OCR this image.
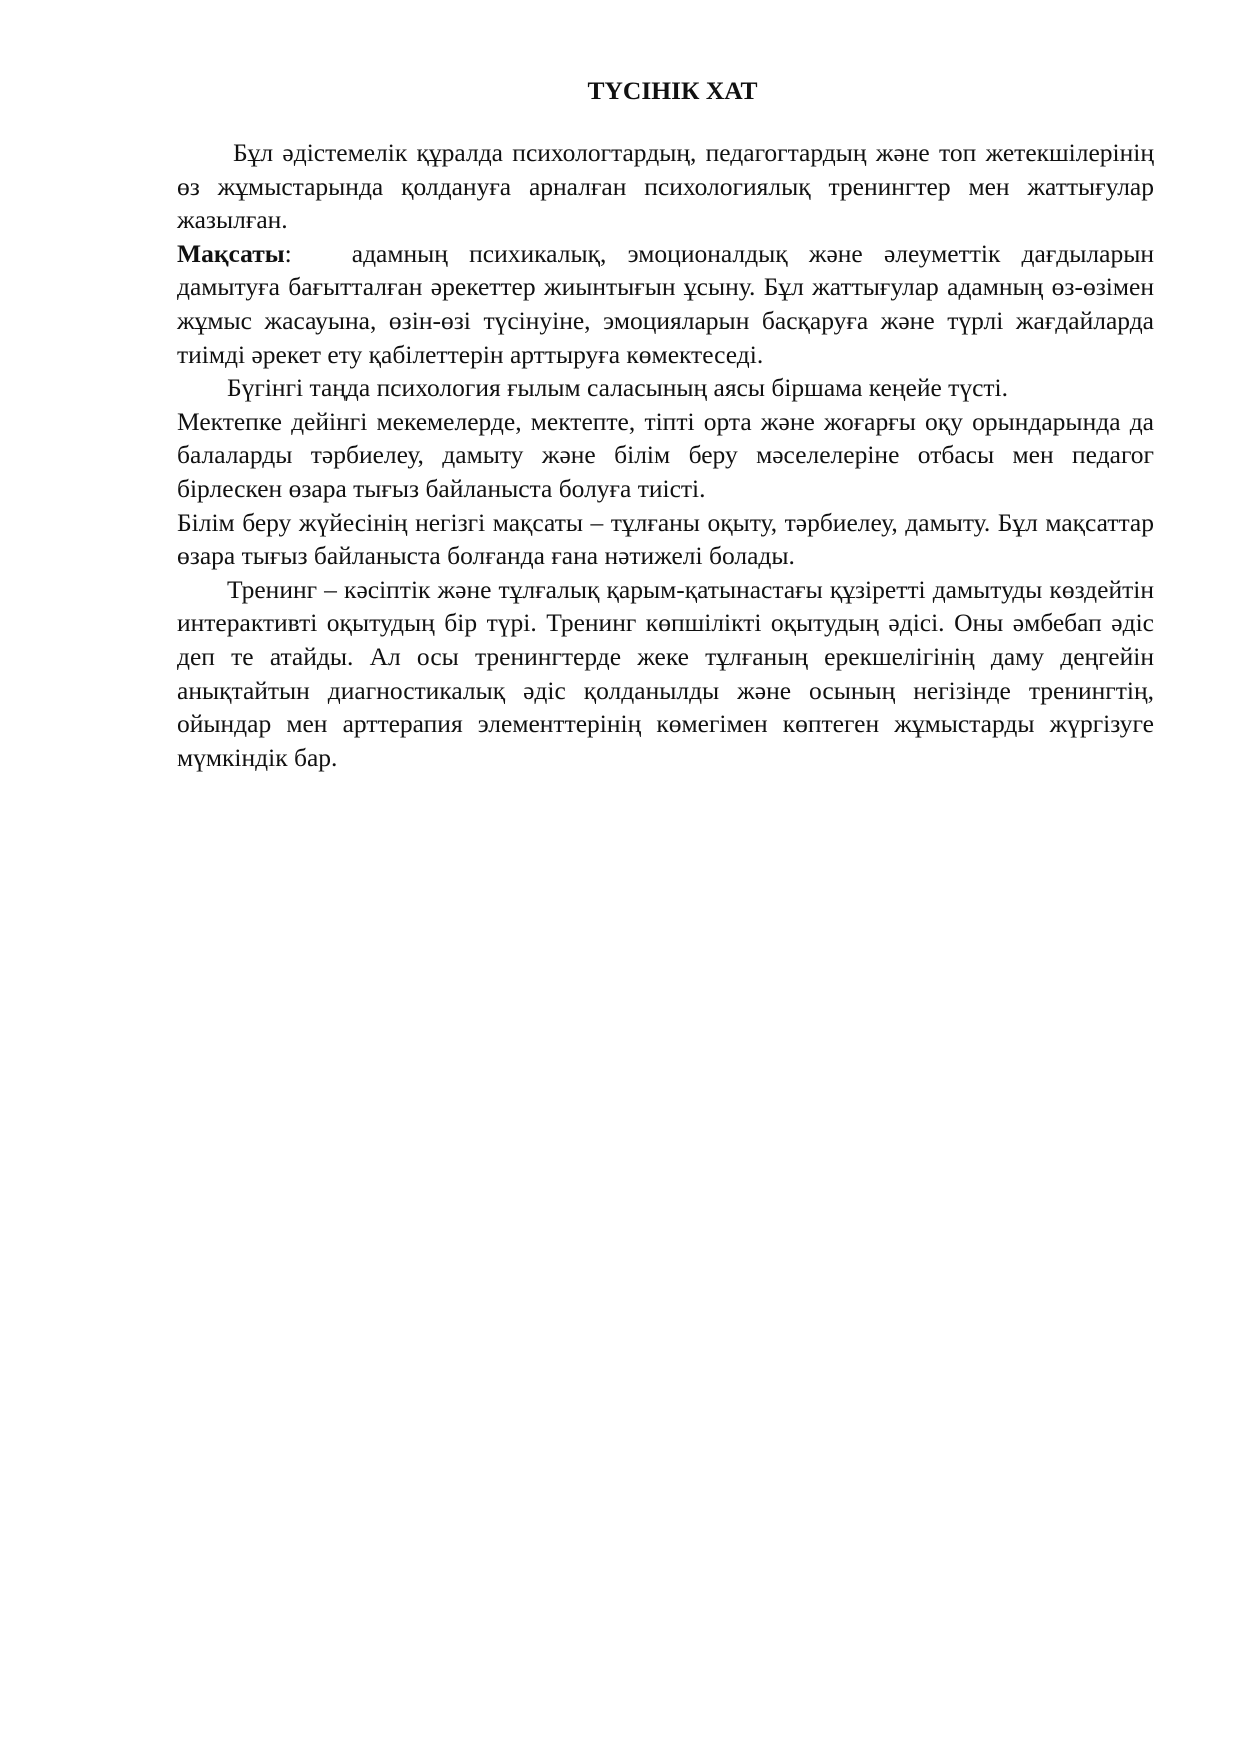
ТҮСІНІК ХАТ

Бұл әдістемелік құралда психологтардың, педагогтардың және топ жетекшілерінің өз жұмыстарында қолдануға арналған психологиялық тренингтер мен жаттығулар жазылған.

Мақсаты: адамның психикалық, эмоционалдық және әлеуметтік дағдыларын дамытуға бағытталған әрекеттер жиынтығын ұсыну. Бұл жаттығулар адамның өз-өзімен жұмыс жасауына, өзін-өзі түсінуіне, эмоцияларын басқаруға және түрлі жағдайларда тиімді әрекет ету қабілеттерін арттыруға көмектеседі.

Бүгінгі таңда психология ғылым саласының аясы біршама кеңейе түсті.

Мектепке дейінгі мекемелерде, мектепте, тіпті орта және жоғарғы оқу орындарында да балаларды тәрбиелеу, дамыту және білім беру мәселелеріне отбасы мен педагог бірлескен өзара тығыз байланыста болуға тиісті.

Білім беру жүйесінің негізгі мақсаты – тұлғаны оқыту, тәрбиелеу, дамыту. Бұл мақсаттар өзара тығыз байланыста болғанда ғана нәтижелі болады.

Тренинг – кәсіптік және тұлғалық қарым-қатынастағы құзіретті дамытуды көздейтін интерактивті оқытудың бір түрі. Тренинг көпшілікті оқытудың әдісі. Оны әмбебап әдіс деп те атайды. Ал осы тренингтерде жеке тұлғаның ерекшелігінің даму деңгейін анықтайтын диагностикалық әдіс қолданылды және осының негізінде тренингтің, ойындар мен арттерапия элементтерінің көмегімен көптеген жұмыстарды жүргізуге мүмкіндік бар.
